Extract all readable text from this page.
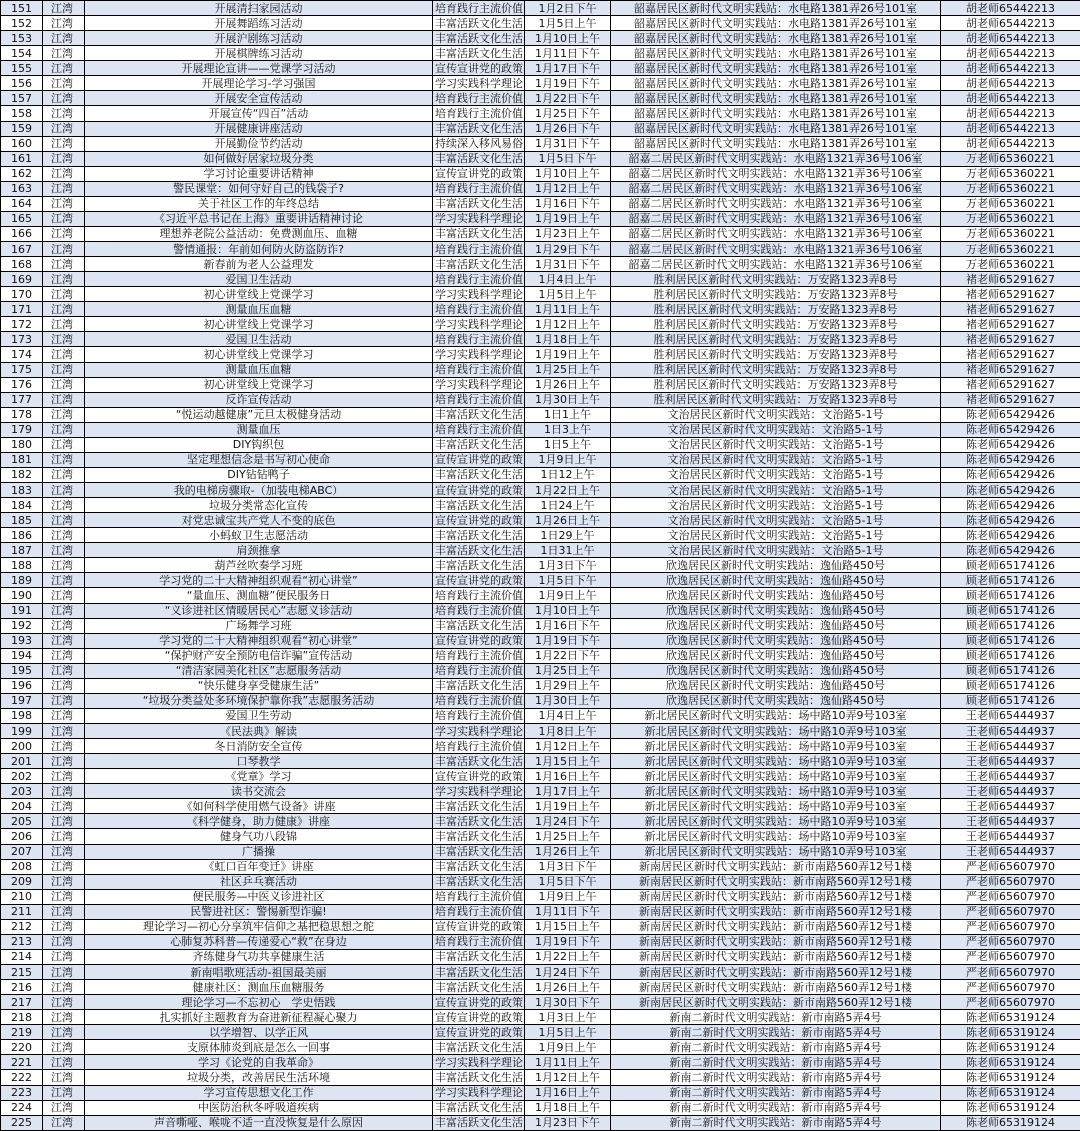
151	江湾	开展清扫家园活动	培育践行主流价值	1月2日下午	韶嘉居民区新时代文明实践站：水电路1381弄26号101室	胡老师65442213
152	江湾	开展舞蹈练习活动	丰富活跃文化生活	1月5日上午	韶嘉居民区新时代文明实践站：水电路1381弄26号101室	胡老师65442213
153	江湾	开展沪剧练习活动	丰富活跃文化生活	1月10日上午	韶嘉居民区新时代文明实践站：水电路1381弄26号101室	胡老师65442213
154	江湾	开展棋牌练习活动	丰富活跃文化生活	1月11日下午	韶嘉居民区新时代文明实践站：水电路1381弄26号101室	胡老师65442213
155	江湾	开展理论宣讲——党课学习活动	宣传宣讲党的政策	1月17日下午	韶嘉居民区新时代文明实践站：水电路1381弄26号101室	胡老师65442213
156	江湾	开展理论学习-学习强国	学习实践科学理论	1月19日下午	韶嘉居民区新时代文明实践站：水电路1381弄26号101室	胡老师65442213
157	江湾	开展安全宣传活动	培育践行主流价值	1月22日下午	韶嘉居民区新时代文明实践站：水电路1381弄26号101室	胡老师65442213
158	江湾	开展宣传“四百”活动	培育践行主流价值	1月25日下午	韶嘉居民区新时代文明实践站：水电路1381弄26号101室	胡老师65442213
159	江湾	开展健康讲座活动	丰富活跃文化生活	1月26日下午	韶嘉居民区新时代文明实践站：水电路1381弄26号101室	胡老师65442213
160	江湾	开展勤俭节约活动	持续深入移风易俗	1月31日下午	韶嘉居民区新时代文明实践站：水电路1381弄26号101室	胡老师65442213
161	江湾	如何做好居家垃圾分类	丰富活跃文化生活	1月5日下午	韶嘉二居民区新时代文明实践站：水电路1321弄36号106室	万老师65360221
162	江湾	学习讨论重要讲话精神	宣传宣讲党的政策	1月10日上午	韶嘉二居民区新时代文明实践站：水电路1321弄36号106室	万老师65360221
163	江湾	警民课堂：如何守好自己的钱袋子?	培育践行主流价值	1月12日上午	韶嘉二居民区新时代文明实践站：水电路1321弄36号106室	万老师65360221
164	江湾	关于社区工作的年终总结	丰富活跃文化生活	1月16日下午	韶嘉二居民区新时代文明实践站：水电路1321弄36号106室	万老师65360221
165	江湾	《习近平总书记在上海》重要讲话精神讨论	学习实践科学理论	1月19日上午	韶嘉二居民区新时代文明实践站：水电路1321弄36号106室	万老师65360221
166	江湾	理想养老院公益活动：免费测血压、血糖	丰富活跃文化生活	1月23日上午	韶嘉二居民区新时代文明实践站：水电路1321弄36号106室	万老师65360221
167	江湾	警情通报：年前如何防火防盗防诈?	培育践行主流价值	1月29日下午	韶嘉二居民区新时代文明实践站：水电路1321弄36号106室	万老师65360221
168	江湾	新春前为老人公益理发	丰富活跃文化生活	1月31日下午	韶嘉二居民区新时代文明实践站：水电路1321弄36号106室	万老师65360221
169	江湾	爱国卫生活动	培育践行主流价值	1月4日上午	胜利居民区新时代文明实践站：万安路1323弄8号	褚老师65291627
170	江湾	初心讲堂线上党课学习	学习实践科学理论	1月5日上午	胜利居民区新时代文明实践站：万安路1323弄8号	褚老师65291627
171	江湾	测量血压血糖	培育践行主流价值	1月11日上午	胜利居民区新时代文明实践站：万安路1323弄8号	褚老师65291627
172	江湾	初心讲堂线上党课学习	学习实践科学理论	1月12日上午	胜利居民区新时代文明实践站：万安路1323弄8号	褚老师65291627
173	江湾	爱国卫生活动	培育践行主流价值	1月18日上午	胜利居民区新时代文明实践站：万安路1323弄8号	褚老师65291627
174	江湾	初心讲堂线上党课学习	学习实践科学理论	1月19日上午	胜利居民区新时代文明实践站：万安路1323弄8号	褚老师65291627
175	江湾	测量血压血糖	培育践行主流价值	1月25日上午	胜利居民区新时代文明实践站：万安路1323弄8号	褚老师65291627
176	江湾	初心讲堂线上党课学习	学习实践科学理论	1月26日上午	胜利居民区新时代文明实践站：万安路1323弄8号	褚老师65291627
177	江湾	反诈宣传活动	培育践行主流价值	1月30日上午	胜利居民区新时代文明实践站：万安路1323弄8号	褚老师65291627
178	江湾	“悦运动越健康”元旦太极健身活动	丰富活跃文化生活	1日1上午	文治居民区新时代文明实践站：文治路5-1号	陈老师65429426
179	江湾	测量血压	培育践行主流价值	1日3上午	文治居民区新时代文明实践站：文治路5-1号	陈老师65429426
180	江湾	DIY钩织包	丰富活跃文化生活	1日5上午	文治居民区新时代文明实践站：文治路5-1号	陈老师65429426
181	江湾	坚定理想信念是书写初心使命	宣传宣讲党的政策	1月9日上午	文治居民区新时代文明实践站：文治路5-1号	陈老师65429426
182	江湾	DIY钻钻鸭子	丰富活跃文化生活	1日12上午	文治居民区新时代文明实践站：文治路5-1号	陈老师65429426
183	江湾	我的电梯房骤取-（加装电梯ABC）	宣传宣讲党的政策	1月22日上午	文治居民区新时代文明实践站：文治路5-1号	陈老师65429426
184	江湾	垃圾分类常态化宣传	丰富活跃文化生活	1日24上午	文治居民区新时代文明实践站：文治路5-1号	陈老师65429426
185	江湾	对党忠诚宝共产党人不变的底色	宣传宣讲党的政策	1月26日上午	文治居民区新时代文明实践站：文治路5-1号	陈老师65429426
186	江湾	小蚂蚁卫生志愿活动	丰富活跃文化生活	1日29上午	文治居民区新时代文明实践站：文治路5-1号	陈老师65429426
187	江湾	肩颈推拿	丰富活跃文化生活	1日31上午	文治居民区新时代文明实践站：文治路5-1号	陈老师65429426
188	江湾	葫芦丝吹奏学习班	丰富活跃文化生活	1月3日下午	欣逸居民区新时代文明实践站：逸仙路450号	顾老师65174126
189	江湾	学习党的二十大精神组织观看“初心讲堂”	宣传宣讲党的政策	1月5日下午	欣逸居民区新时代文明实践站：逸仙路450号	顾老师65174126
190	江湾	“量血压、测血糖”便民服务日	培育践行主流价值	1月9日上午	欣逸居民区新时代文明实践站：逸仙路450号	顾老师65174126
191	江湾	“义诊进社区情暖居民心”志愿义诊活动	培育践行主流价值	1月10日上午	欣逸居民区新时代文明实践站：逸仙路450号	顾老师65174126
192	江湾	广场舞学习班	丰富活跃文化生活	1月16日下午	欣逸居民区新时代文明实践站：逸仙路450号	顾老师65174126
193	江湾	学习党的二十大精神组织观看“初心讲堂”	宣传宣讲党的政策	1月19日下午	欣逸居民区新时代文明实践站：逸仙路450号	顾老师65174126
194	江湾	“保护财产安全预防电信诈骗”宣传活动	培育践行主流价值	1月22日下午	欣逸居民区新时代文明实践站：逸仙路450号	顾老师65174126
195	江湾	“清洁家园美化社区”志愿服务活动	培育践行主流价值	1月25日上午	欣逸居民区新时代文明实践站：逸仙路450号	顾老师65174126
196	江湾	“快乐健身享受健康生活”	丰富活跃文化生活	1月29日上午	欣逸居民区新时代文明实践站：逸仙路450号	顾老师65174126
197	江湾	“垃圾分类益处多环境保护靠你我”志愿服务活动	培育践行主流价值	1月30日上午	欣逸居民区新时代文明实践站：逸仙路450号	顾老师65174126
198	江湾	爱国卫生劳动	培育践行主流价值	1月4日上午	新北居民区新时代文明实践站：场中路10弄9号103室	王老师65444937
199	江湾	《民法典》解读	学习实践科学理论	1月8日上午	新北居民区新时代文明实践站：场中路10弄9号103室	王老师65444937
200	江湾	冬日消防安全宣传	培育践行主流价值	1月12日上午	新北居民区新时代文明实践站：场中路10弄9号103室	王老师65444937
201	江湾	口琴教学	丰富活跃文化生活	1月15日上午	新北居民区新时代文明实践站：场中路10弄9号103室	王老师65444937
202	江湾	《党章》学习	宣传宣讲党的政策	1月16日上午	新北居民区新时代文明实践站：场中路10弄9号103室	王老师65444937
203	江湾	读书交流会	学习实践科学理论	1月17日上午	新北居民区新时代文明实践站：场中路10弄9号103室	王老师65444937
204	江湾	《如何科学使用燃气设备》讲座	丰富活跃文化生活	1月19日上午	新北居民区新时代文明实践站：场中路10弄9号103室	王老师65444937
205	江湾	《科学健身，助力健康》讲座	丰富活跃文化生活	1月24日下午	新北居民区新时代文明实践站：场中路10弄9号103室	王老师65444937
206	江湾	健身气功八段锦	丰富活跃文化生活	1月25日上午	新北居民区新时代文明实践站：场中路10弄9号103室	王老师65444937
207	江湾	广播操	丰富活跃文化生活	1月26日上午	新北居民区新时代文明实践站：场中路10弄9号103室	王老师65444937
208	江湾	《虹口百年变迁》讲座	丰富活跃文化生活	1月3日下午	新南居民区新时代文明实践站：新市南路560弄12号1楼	严老师65607970
209	江湾	社区乒乓赛活动	丰富活跃文化生活	1月5日下午	新南居民区新时代文明实践站：新市南路560弄12号1楼	严老师65607970
210	江湾	便民服务—中医义诊进社区	培育践行主流价值	1月9日上午	新南居民区新时代文明实践站：新市南路560弄12号1楼	严老师65607970
211	江湾	民警进社区：警惕新型诈骗!	培育践行主流价值	1月11日下午	新南居民区新时代文明实践站：新市南路560弄12号1楼	严老师65607970
212	江湾	理论学习—初心分享筑牢信仰之基把稳思想之舵	宣传宣讲党的政策	1月15日上午	新南居民区新时代文明实践站：新市南路560弄12号1楼	严老师65607970
213	江湾	心肺复苏科普—传递爱心“救”在身边	培育践行主流价值	1月19日下午	新南居民区新时代文明实践站：新市南路560弄12号1楼	严老师65607970
214	江湾	齐练健身气功共享健康生活	丰富活跃文化生活	1月22日上午	新南居民区新时代文明实践站：新市南路560弄12号1楼	严老师65607970
215	江湾	新南唱歌班活动-祖国最美丽	丰富活跃文化生活	1月24日下午	新南居民区新时代文明实践站：新市南路560弄12号1楼	严老师65607970
216	江湾	健康社区：测血压血糖服务	丰富活跃文化生活	1月26日上午	新南居民区新时代文明实践站：新市南路560弄12号1楼	严老师65607970
217	江湾	理论学习—不忘初心　学史悟践	宣传宣讲党的政策	1月30日下午	新南居民区新时代文明实践站：新市南路560弄12号1楼	严老师65607970
218	江湾	扎实抓好主题教育为奋进新征程凝心聚力	宣传宣讲党的政策	1月3日上午	新南二新时代文明实践站：新市南路5弄4号	陈老师65319124
219	江湾	以学增智、以学正风	宣传宣讲党的政策	1月5日上午	新南二新时代文明实践站：新市南路5弄4号	陈老师65319124
220	江湾	支原体肺炎到底是怎么一回事	丰富活跃文化生活	1月9日上午	新南二新时代文明实践站：新市南路5弄4号	陈老师65319124
221	江湾	学习《论党的自我革命》	学习实践科学理论	1月11日上午	新南二新时代文明实践站：新市南路5弄4号	陈老师65319124
222	江湾	垃圾分类，改善居民生活环境	丰富活跃文化生活	1月12日上午	新南二新时代文明实践站：新市南路5弄4号	陈老师65319124
223	江湾	学习宣传思想文化工作	学习实践科学理论	1月16日上午	新南二新时代文明实践站：新市南路5弄4号	陈老师65319124
224	江湾	中医防治秋冬呼吸道疾病	丰富活跃文化生活	1月18日上午	新南二新时代文明实践站：新市南路5弄4号	陈老师65319124
225	江湾	声音嘶哑、喉咙不适一直没恢复是什么原因	丰富活跃文化生活	1月23日下午	新南二新时代文明实践站：新市南路5弄4号	陈老师65319124
